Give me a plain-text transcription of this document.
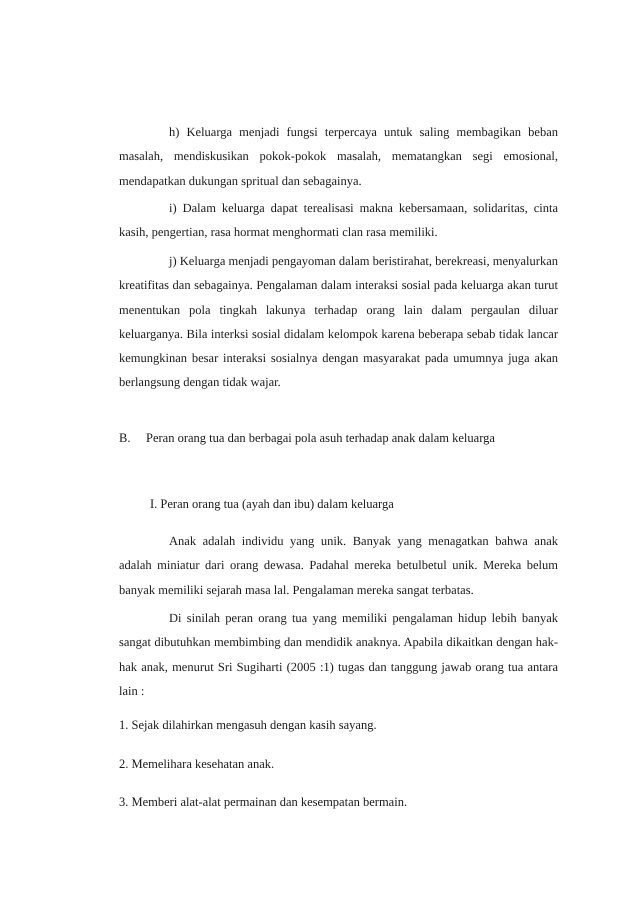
h) Keluarga menjadi fungsi terpercaya untuk saling membagikan beban masalah, mendiskusikan pokok-pokok masalah, mematangkan segi emosional, mendapatkan dukungan spritual dan sebagainya.

i) Dalam keluarga dapat terealisasi makna kebersamaan, solidaritas, cinta kasih, pengertian, rasa hormat menghormati clan rasa memiliki.

j) Keluarga menjadi pengayoman dalam beristirahat, berekreasi, menyalurkan kreatifitas dan sebagainya. Pengalaman dalam interaksi sosial pada keluarga akan turut menentukan pola tingkah lakunya terhadap orang lain dalam pergaulan diluar keluarganya. Bila interksi sosial didalam kelompok karena beberapa sebab tidak lancar kemungkinan besar interaksi sosialnya dengan masyarakat pada umumnya juga akan berlangsung dengan tidak wajar.

B. Peran orang tua dan berbagai pola asuh terhadap anak dalam keluarga
I. Peran orang tua (ayah dan ibu) dalam keluarga

Anak adalah individu yang unik. Banyak yang menagatkan bahwa anak adalah miniatur dari orang dewasa. Padahal mereka betulbetul unik. Mereka belum banyak memiliki sejarah masa lal. Pengalaman mereka sangat terbatas.

Di sinilah peran orang tua yang memiliki pengalaman hidup lebih banyak sangat dibutuhkan membimbing dan mendidik anaknya. Apabila dikaitkan dengan hak-hak anak, menurut Sri Sugiharti (2005 :1) tugas dan tanggung jawab orang tua antara lain :

1. Sejak dilahirkan mengasuh dengan kasih sayang.

2. Memelihara kesehatan anak.

3. Memberi alat-alat permainan dan kesempatan bermain.
